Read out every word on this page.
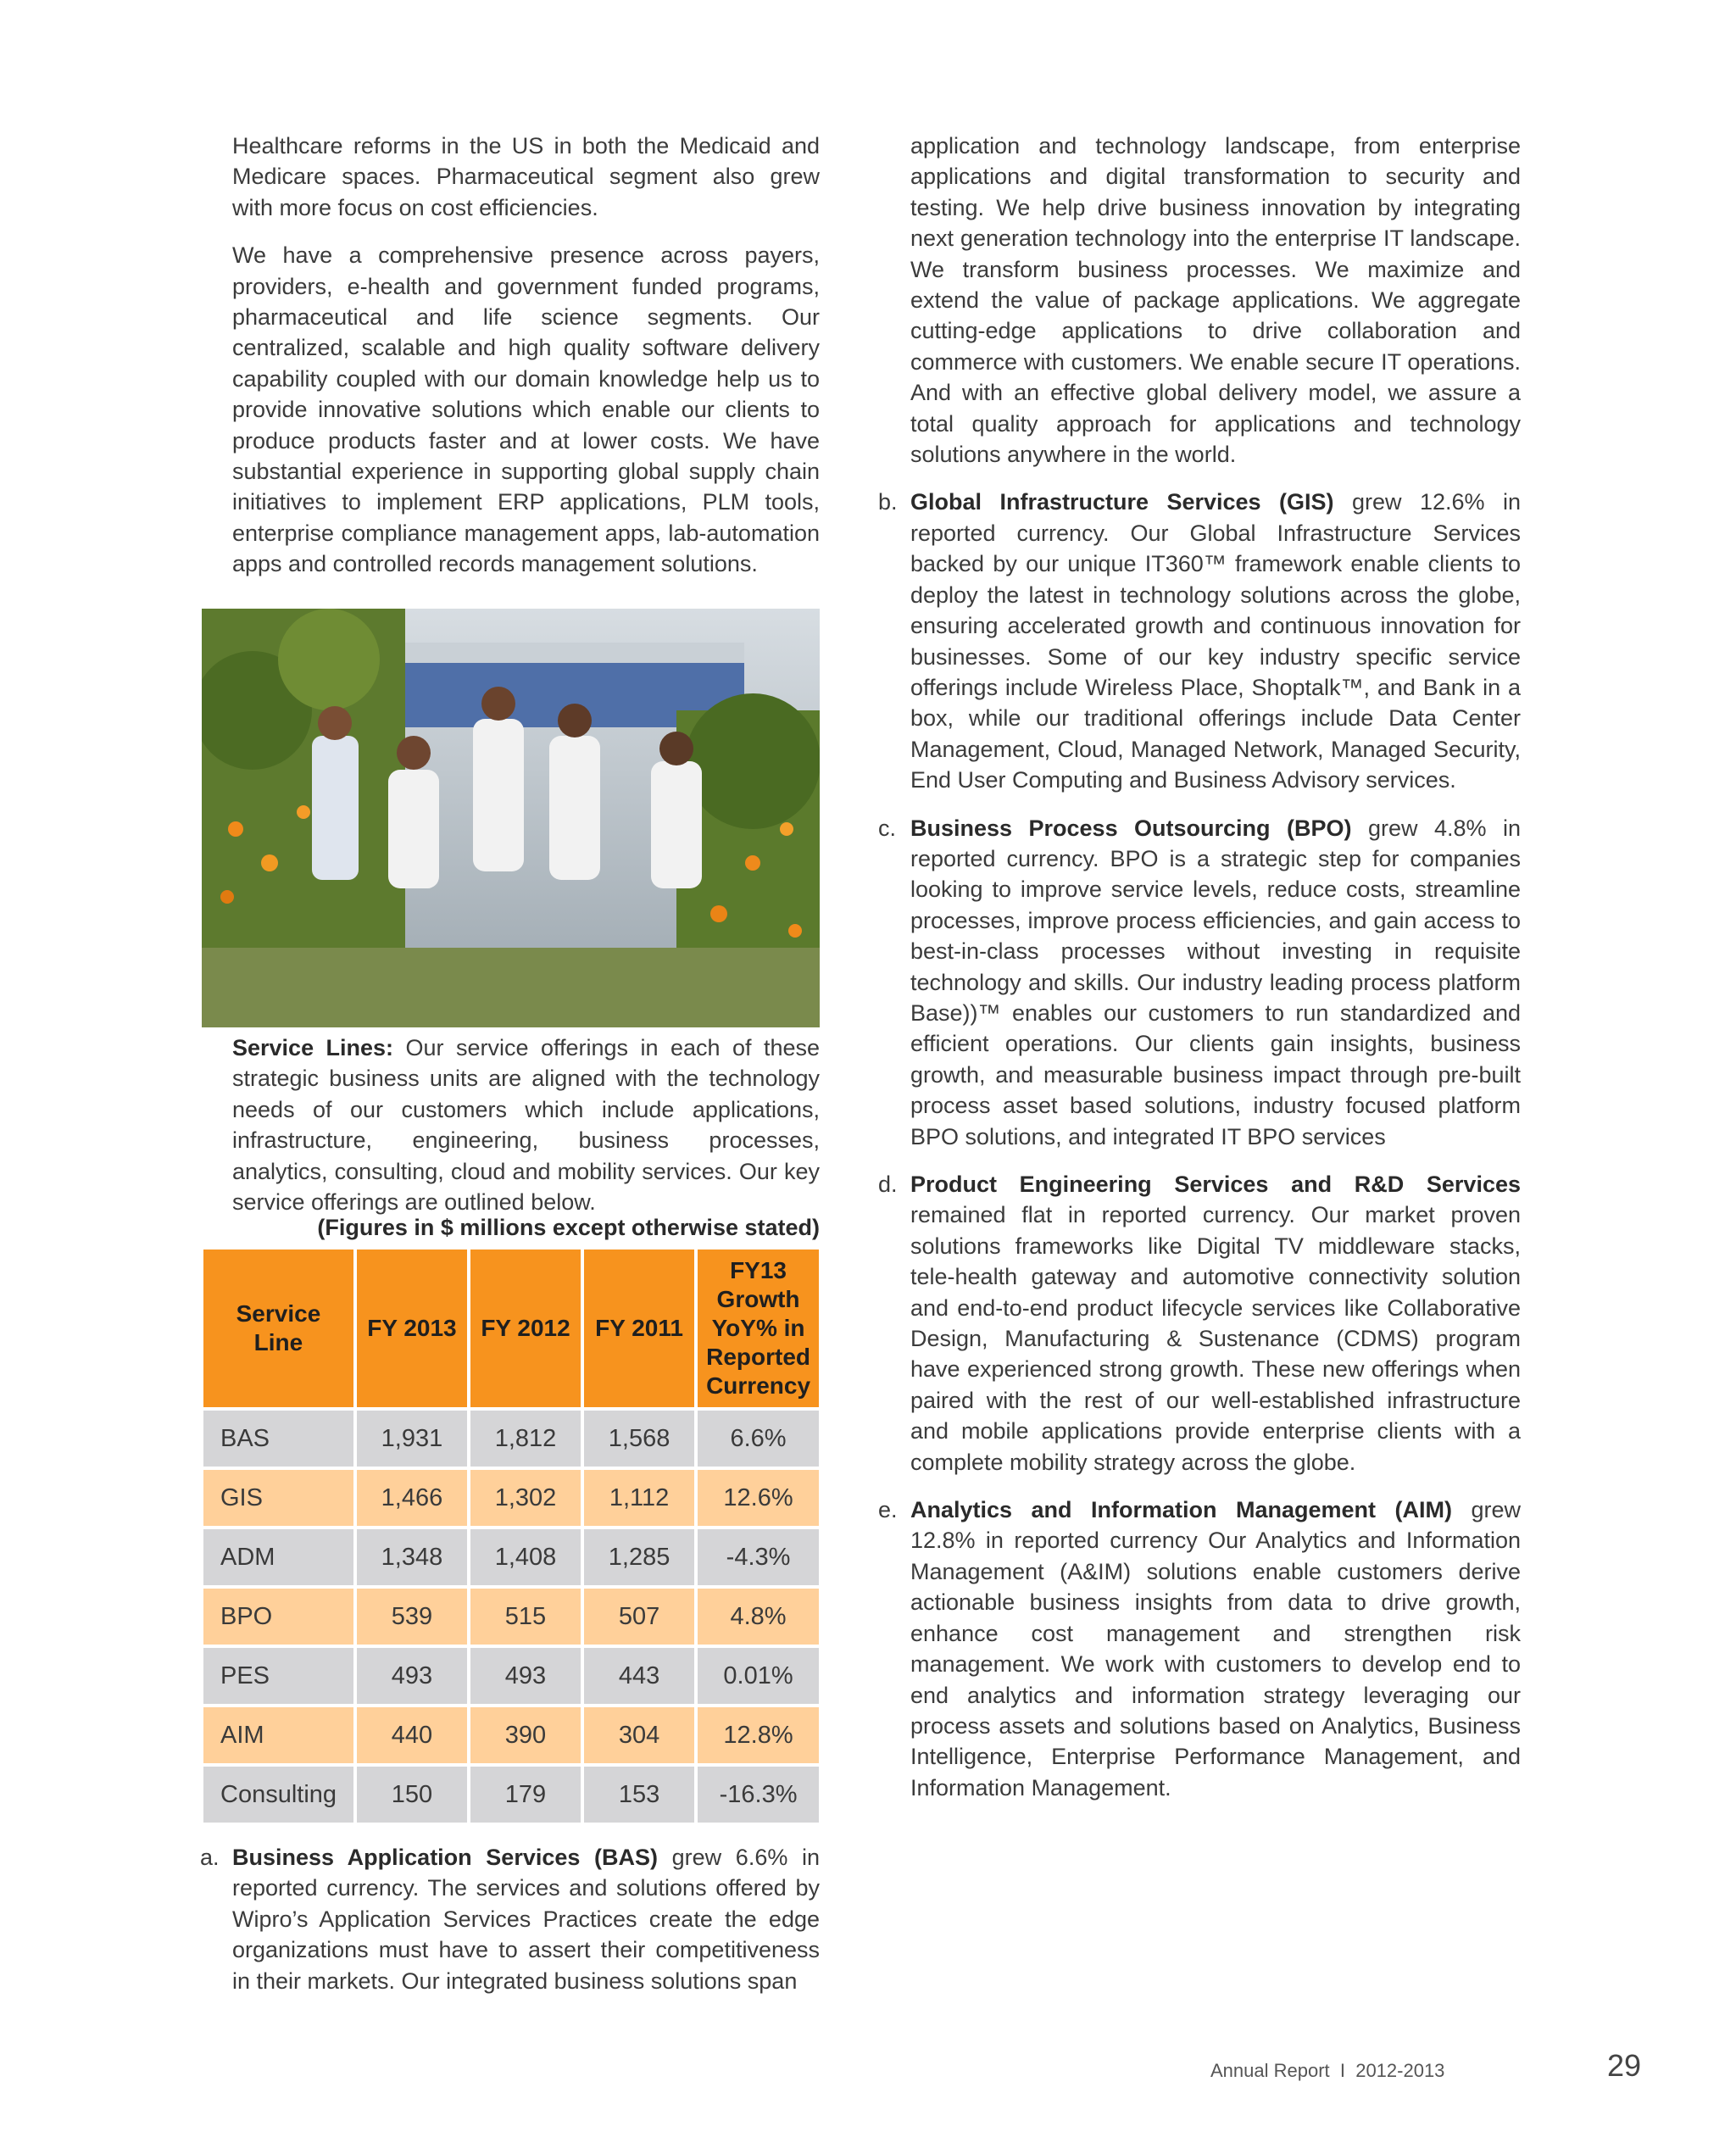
Healthcare reforms in the US in both the Medicaid and Medicare spaces. Pharmaceutical segment also grew with more focus on cost efficiencies.

We have a comprehensive presence across payers, providers, e-health and government funded programs, pharmaceutical and life science segments. Our centralized, scalable and high quality software delivery capability coupled with our domain knowledge help us to provide innovative solutions which enable our clients to produce products faster and at lower costs. We have substantial experience in supporting global supply chain initiatives to implement ERP applications, PLM tools, enterprise compliance management apps, lab-automation apps and controlled records management solutions.

Service Lines: Our service offerings in each of these strategic business units are aligned with the technology needs of our customers which include applications, infrastructure, engineering, business processes, analytics, consulting, cloud and mobility services. Our key service offerings are outlined below.

(Figures in $ millions except otherwise stated)
Service Line	FY 2013	FY 2012	FY 2011	FY13 Growth YoY% in Reported Currency
BAS	1,931	1,812	1,568	6.6%
GIS	1,466	1,302	1,112	12.6%
ADM	1,348	1,408	1,285	-4.3%
BPO	539	515	507	4.8%
PES	493	493	443	0.01%
AIM	440	390	304	12.8%
Consulting	150	179	153	-16.3%
a. Business Application Services (BAS) grew 6.6% in reported currency. The services and solutions offered by Wipro’s Application Services Practices create the edge organizations must have to assert their competitiveness in their markets. Our integrated business solutions span

application and technology landscape, from enterprise applications and digital transformation to security and testing. We help drive business innovation by integrating next generation technology into the enterprise IT landscape. We transform business processes. We maximize and extend the value of package applications. We aggregate cutting-edge applications to drive collaboration and commerce with customers. We enable secure IT operations. And with an effective global delivery model, we assure a total quality approach for applications and technology solutions anywhere in the world.

b. Global Infrastructure Services (GIS) grew 12.6% in reported currency. Our Global Infrastructure Services backed by our unique IT360™ framework enable clients to deploy the latest in technology solutions across the globe, ensuring accelerated growth and continuous innovation for businesses. Some of our key industry specific service offerings include Wireless Place, Shoptalk™, and Bank in a box, while our traditional offerings include Data Center Management, Cloud, Managed Network, Managed Security, End User Computing and Business Advisory services.

c. Business Process Outsourcing (BPO) grew 4.8% in reported currency. BPO is a strategic step for companies looking to improve service levels, reduce costs, streamline processes, improve process efficiencies, and gain access to best-in-class processes without investing in requisite technology and skills. Our industry leading process platform Base))™ enables our customers to run standardized and efficient operations. Our clients gain insights, business growth, and measurable business impact through pre-built process asset based solutions, industry focused platform BPO solutions, and integrated IT BPO services

d. Product Engineering Services and R&D Services remained flat in reported currency. Our market proven solutions frameworks like Digital TV middleware stacks, tele-health gateway and automotive connectivity solution and end-to-end product lifecycle services like Collaborative Design, Manufacturing & Sustenance (CDMS) program have experienced strong growth. These new offerings when paired with the rest of our well-established infrastructure and mobile applications provide enterprise clients with a complete mobility strategy across the globe.

e. Analytics and Information Management (AIM) grew 12.8% in reported currency Our Analytics and Information Management (A&IM) solutions enable customers derive actionable business insights from data to drive growth, enhance cost management and strengthen risk management. We work with customers to develop end to end analytics and information strategy leveraging our process assets and solutions based on Analytics, Business Intelligence, Enterprise Performance Management, and Information Management.

Annual Report  I  2012-2013	29
